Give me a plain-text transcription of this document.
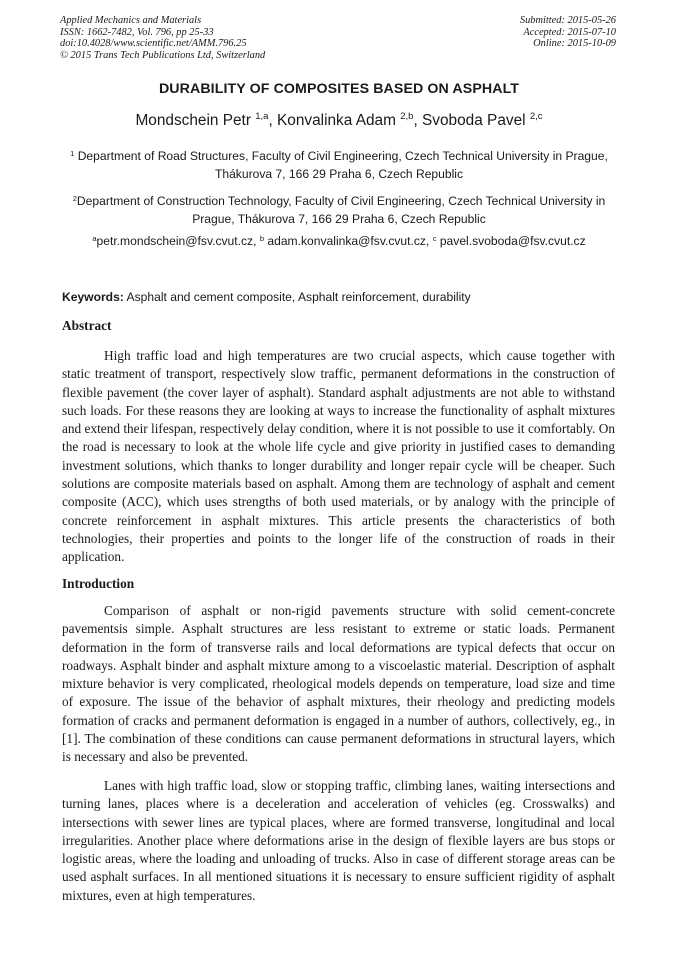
Applied Mechanics and Materials
ISSN: 1662-7482, Vol. 796, pp 25-33
doi:10.4028/www.scientific.net/AMM.796.25
© 2015 Trans Tech Publications Ltd, Switzerland
Submitted: 2015-05-26
Accepted: 2015-07-10
Online: 2015-10-09
DURABILITY OF COMPOSITES BASED ON ASPHALT
Mondschein Petr $^{1,a}$, Konvalinka Adam $^{2,b}$, Svoboda Pavel $^{2,c}$
$^1$ Department of Road Structures, Faculty of Civil Engineering, Czech Technical University in Prague, Thákurova 7, 166 29 Praha 6, Czech Republic
$^2$Department of Construction Technology, Faculty of Civil Engineering, Czech Technical University in Prague, Thákurova 7, 166 29 Praha 6, Czech Republic
$^a$petr.mondschein@fsv.cvut.cz, $^b$ adam.konvalinka@fsv.cvut.cz, $^c$ pavel.svoboda@fsv.cvut.cz
Keywords: Asphalt and cement composite, Asphalt reinforcement, durability
Abstract

High traffic load and high temperatures are two crucial aspects, which cause together with static treatment of transport, respectively slow traffic, permanent deformations in the construction of flexible pavement (the cover layer of asphalt). Standard asphalt adjustments are not able to withstand such loads. For these reasons they are looking at ways to increase the functionality of asphalt mixtures and extend their lifespan, respectively delay condition, where it is not possible to use it comfortably. On the road is necessary to look at the whole life cycle and give priority in justified cases to demanding investment solutions, which thanks to longer durability and longer repair cycle will be cheaper. Such solutions are composite materials based on asphalt. Among them are technology of asphalt and cement composite (ACC), which uses strengths of both used materials, or by analogy with the principle of concrete reinforcement in asphalt mixtures. This article presents the characteristics of both technologies, their properties and points to the longer life of the construction of roads in their application.

Introduction

Comparison of asphalt or non-rigid pavements structure with solid cement-concrete pavementsis simple. Asphalt structures are less resistant to extreme or static loads. Permanent deformation in the form of transverse rails and local deformations are typical defects that occur on roadways. Asphalt binder and asphalt mixture among to a viscoelastic material. Description of asphalt mixture behavior is very complicated, rheological models depends on temperature, load size and time of exposure. The issue of the behavior of asphalt mixtures, their rheology and predicting models formation of cracks and permanent deformation is engaged in a number of authors, collectively, eg., in [1]. The combination of these conditions can cause permanent deformations in structural layers, which is necessary and also be prevented.

Lanes with high traffic load, slow or stopping traffic, climbing lanes, waiting intersections and turning lanes, places where is a deceleration and acceleration of vehicles (eg. Crosswalks) and intersections with sewer lines are typical places, where are formed transverse, longitudinal and local irregularities. Another place where deformations arise in the design of flexible layers are bus stops or logistic areas, where the loading and unloading of trucks. Also in case of different storage areas can be used asphalt surfaces. In all mentioned situations it is necessary to ensure sufficient rigidity of asphalt mixtures, even at high temperatures.
